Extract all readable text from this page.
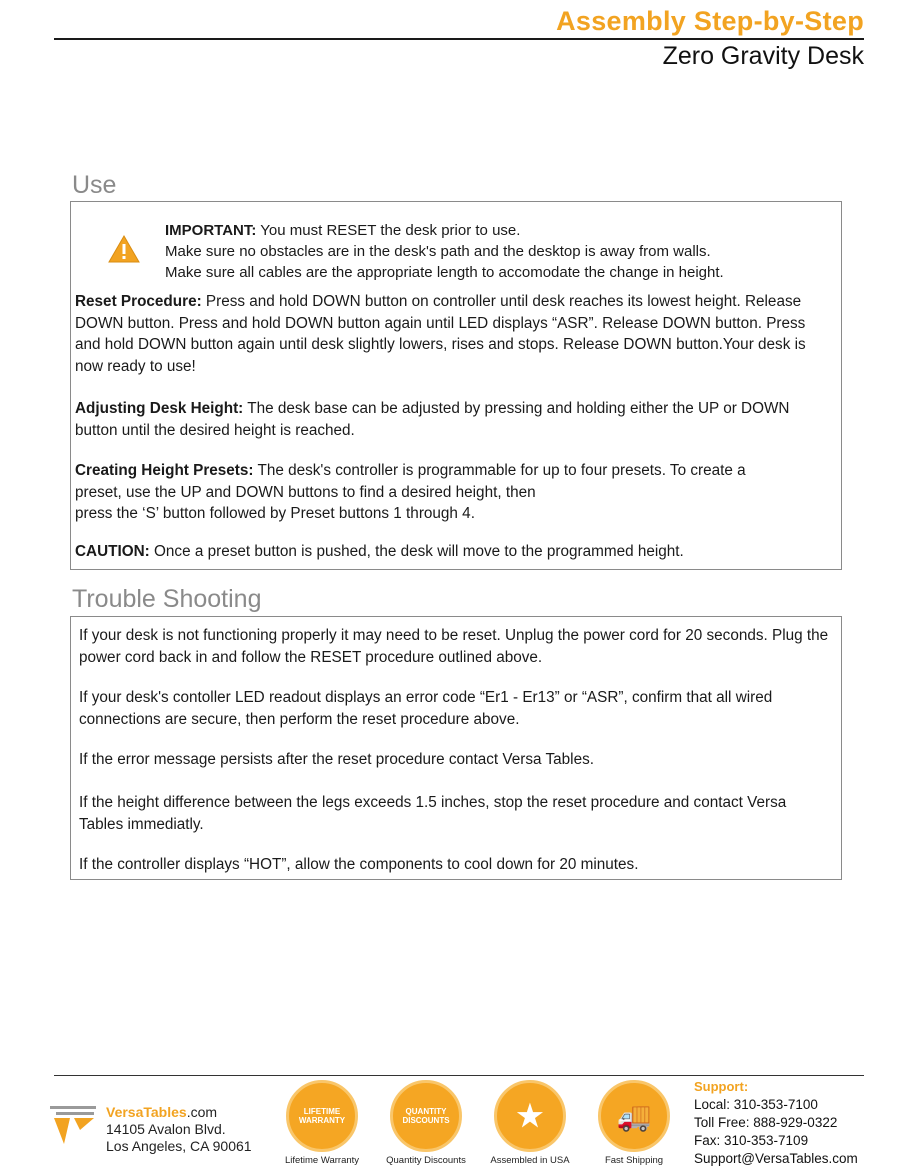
Assembly Step-by-Step
Zero Gravity Desk
Use

IMPORTANT: You must RESET the desk prior to use.

Make sure no obstacles are in the desk's path and the desktop is away from walls.

Make sure all cables are the appropriate length to accomodate the change in height.

Reset Procedure: Press and hold DOWN button on controller until desk reaches its lowest height. Release DOWN button. Press and hold DOWN button again until LED displays “ASR”. Release DOWN button. Press and hold DOWN button again until desk slightly lowers, rises and stops. Release DOWN button.Your desk is now ready to use!
Adjusting Desk Height: The desk base can be adjusted by pressing and holding either the UP or DOWN button until the desired height is reached.
Creating Height Presets: The desk's controller is programmable for up to four presets. To create a
preset, use the UP and DOWN buttons to find a desired height, then
press the ‘S’ button followed by Preset buttons 1 through 4.
CAUTION: Once a preset button is pushed, the desk will move to the programmed height.
Trouble Shooting
If your desk is not functioning properly it may need to be reset. Unplug the power cord for 20 seconds. Plug the power cord back in and follow the RESET procedure outlined above.
If your desk's contoller LED readout displays an error code “Er1 - Er13” or “ASR”, confirm that all wired connections are secure, then perform the reset procedure above.
If the error message persists after the reset procedure contact Versa Tables.
If the height difference between the legs exceeds 1.5 inches, stop the reset procedure and contact Versa Tables immediatly.
If the controller displays “HOT”, allow the components to cool down for 20 minutes.
VersaTables.com
14105 Avalon Blvd.
Los Angeles, CA 90061
LIFETIME WARRANTY
Lifetime Warranty
QUANTITY DISCOUNTS
Quantity Discounts
★
Assembled in USA
🚚
Fast Shipping
Support:
Local: 310-353-7100
Toll Free: 888-929-0322
Fax: 310-353-7109
Support@VersaTables.com
